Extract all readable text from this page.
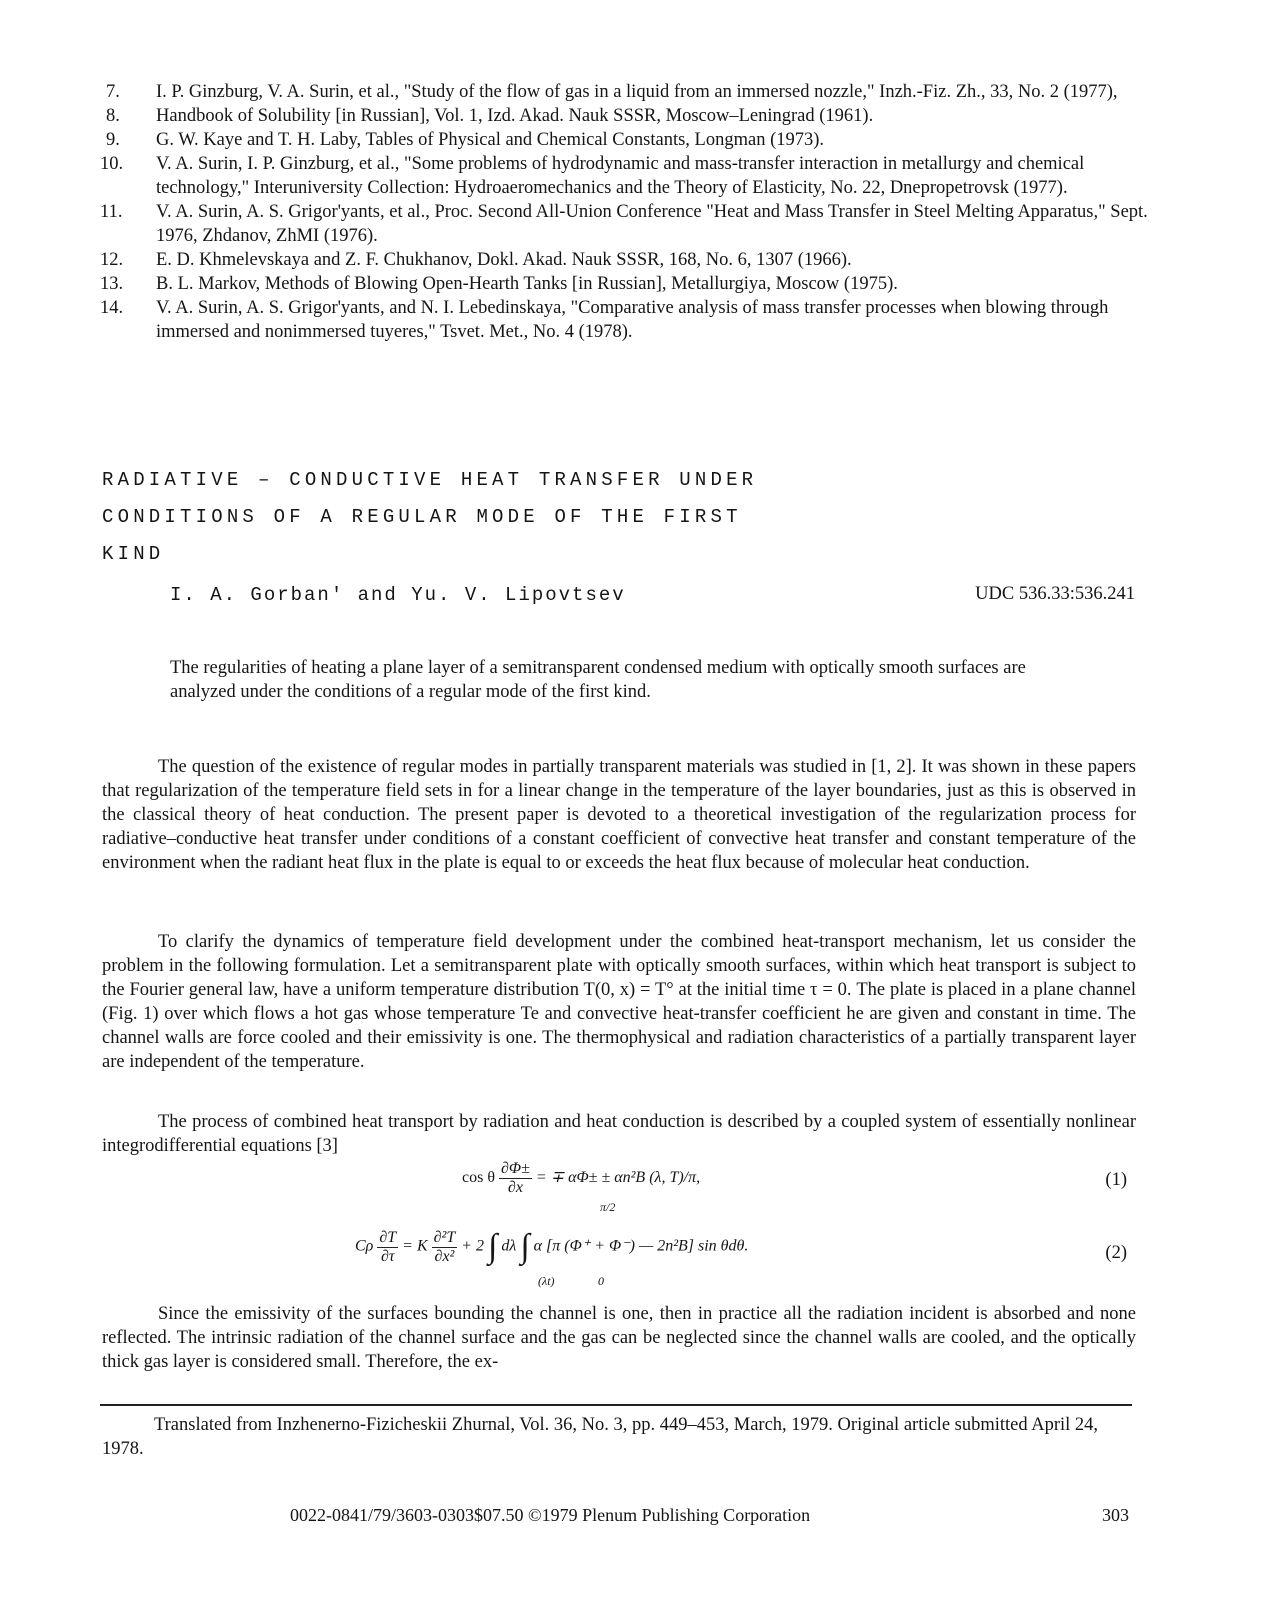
7.	I. P. Ginzburg, V. A. Surin, et al., "Study of the flow of gas in a liquid from an immersed nozzle," Inzh.-Fiz. Zh., 33, No. 2 (1977),
8.	Handbook of Solubility [in Russian], Vol. 1, Izd. Akad. Nauk SSSR, Moscow–Leningrad (1961).
9.	G. W. Kaye and T. H. Laby, Tables of Physical and Chemical Constants, Longman (1973).
10.	V. A. Surin, I. P. Ginzburg, et al., "Some problems of hydrodynamic and mass-transfer interaction in metallurgy and chemical technology," Interuniversity Collection: Hydroaeromechanics and the Theory of Elasticity, No. 22, Dnepropetrovsk (1977).
11.	V. A. Surin, A. S. Grigor'yants, et al., Proc. Second All-Union Conference "Heat and Mass Transfer in Steel Melting Apparatus," Sept. 1976, Zhdanov, ZhMI (1976).
12.	E. D. Khmelevskaya and Z. F. Chukhanov, Dokl. Akad. Nauk SSSR, 168, No. 6, 1307 (1966).
13.	B. L. Markov, Methods of Blowing Open-Hearth Tanks [in Russian], Metallurgiya, Moscow (1975).
14.	V. A. Surin, A. S. Grigor'yants, and N. I. Lebedinskaya, "Comparative analysis of mass transfer processes when blowing through immersed and nonimmersed tuyeres," Tsvet. Met., No. 4 (1978).
RADIATIVE – CONDUCTIVE HEAT TRANSFER UNDER
CONDITIONS OF A REGULAR MODE OF THE FIRST
KIND
I. A. Gorban' and Yu. V. Lipovtsev	UDC 536.33:536.241
The regularities of heating a plane layer of a semitransparent condensed medium with optically smooth surfaces are analyzed under the conditions of a regular mode of the first kind.

The question of the existence of regular modes in partially transparent materials was studied in [1, 2]. It was shown in these papers that regularization of the temperature field sets in for a linear change in the temperature of the layer boundaries, just as this is observed in the classical theory of heat conduction. The present paper is devoted to a theoretical investigation of the regularization process for radiative–conductive heat transfer under conditions of a constant coefficient of convective heat transfer and constant temperature of the environment when the radiant heat flux in the plate is equal to or exceeds the heat flux because of molecular heat conduction.

To clarify the dynamics of temperature field development under the combined heat-transport mechanism, let us consider the problem in the following formulation. Let a semitransparent plate with optically smooth surfaces, within which heat transport is subject to the Fourier general law, have a uniform temperature distribution T(0, x) = T° at the initial time τ = 0. The plate is placed in a plane channel (Fig. 1) over which flows a hot gas whose temperature Te and convective heat-transfer coefficient he are given and constant in time. The channel walls are force cooled and their emissivity is one. The thermophysical and radiation characteristics of a partially transparent layer are independent of the temperature.

The process of combined heat transport by radiation and heat conduction is described by a coupled system of essentially nonlinear integrodifferential equations [3]

cos θ $\frac{\partial\Phi\pm}{\partial x}$ = ∓ αΦ± ± αn²B (λ, T)/π,	(1)
Cρ $\frac{\partial T}{\partial\tau} = K \frac{\text{∂²T}}{\text{∂x²}} + 2$ ∫ dλ ∫ α [π (Φ⁺ + Φ⁻) — 2n²B] sin θdθ.
π/2
(λt)	0
(2)

Since the emissivity of the surfaces bounding the channel is one, then in practice all the radiation incident is absorbed and none reflected. The intrinsic radiation of the channel surface and the gas can be neglected since the channel walls are cooled, and the optically thick gas layer is considered small. Therefore, the ex-

Translated from Inzhenerno-Fizicheskii Zhurnal, Vol. 36, No. 3, pp. 449–453, March, 1979. Original article submitted April 24, 1978.

0022-0841/79/3603-0303$07.50 ©1979 Plenum Publishing Corporation	303
